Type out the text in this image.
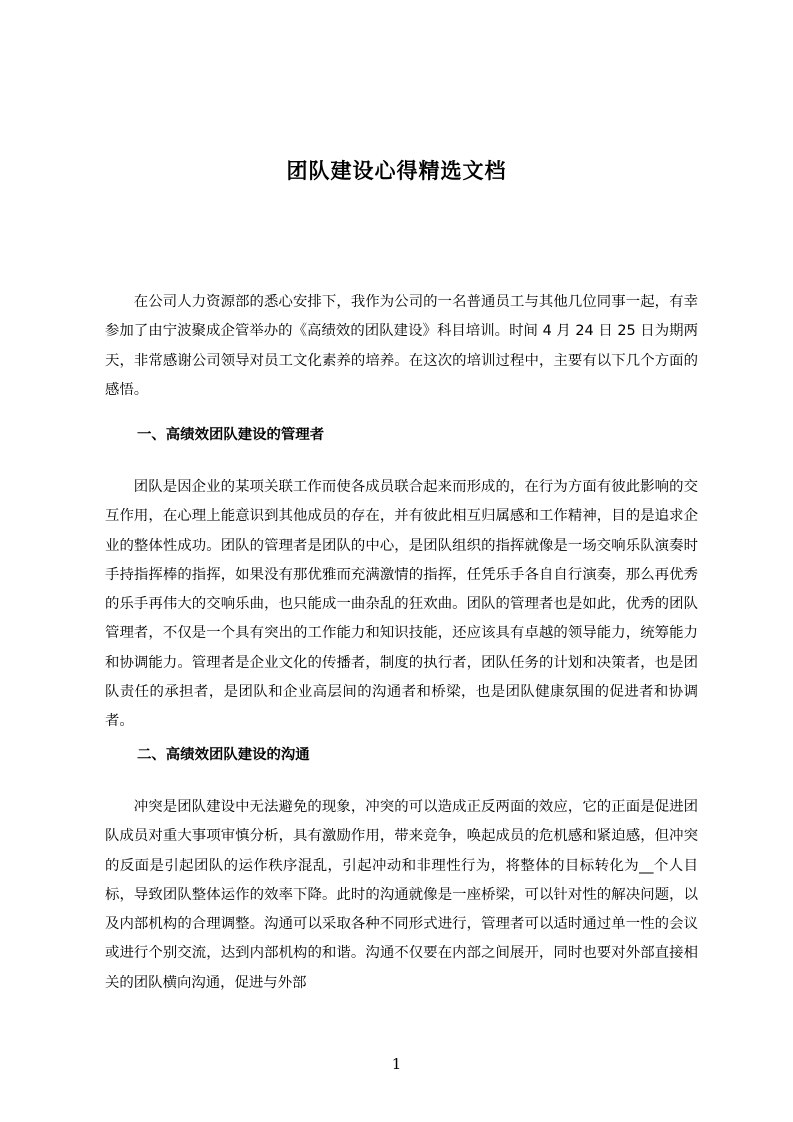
团队建设心得精选文档

在公司人力资源部的悉心安排下，我作为公司的一名普通员工与其他几位同事一起，有幸参加了由宁波聚成企管举办的《高绩效的团队建设》科目培训。时间 4 月 24 日 25 日为期两天，非常感谢公司领导对员工文化素养的培养。在这次的培训过程中，主要有以下几个方面的感悟。

一、高绩效团队建设的管理者

团队是因企业的某项关联工作而使各成员联合起来而形成的，在行为方面有彼此影响的交互作用，在心理上能意识到其他成员的存在，并有彼此相互归属感和工作精神，目的是追求企业的整体性成功。团队的管理者是团队的中心，是团队组织的指挥就像是一场交响乐队演奏时手持指挥棒的指挥，如果没有那优雅而充满激情的指挥，任凭乐手各自自行演奏，那么再优秀的乐手再伟大的交响乐曲，也只能成一曲杂乱的狂欢曲。团队的管理者也是如此，优秀的团队管理者，不仅是一个具有突出的工作能力和知识技能，还应该具有卓越的领导能力，统筹能力和协调能力。管理者是企业文化的传播者，制度的执行者，团队任务的计划和决策者，也是团队责任的承担者，是团队和企业高层间的沟通者和桥梁，也是团队健康氛围的促进者和协调者。

二、高绩效团队建设的沟通

冲突是团队建设中无法避免的现象，冲突的可以造成正反两面的效应，它的正面是促进团队成员对重大事项审慎分析，具有激励作用，带来竞争，唤起成员的危机感和紧迫感，但冲突的反面是引起团队的运作秩序混乱，引起冲动和非理性行为，将整体的目标转化为__个人目标，导致团队整体运作的效率下降。此时的沟通就像是一座桥梁，可以针对性的解决问题，以及内部机构的合理调整。沟通可以采取各种不同形式进行，管理者可以适时通过单一性的会议或进行个别交流，达到内部机构的和谐。沟通不仅要在内部之间展开，同时也要对外部直接相关的团队横向沟通，促进与外部

1
